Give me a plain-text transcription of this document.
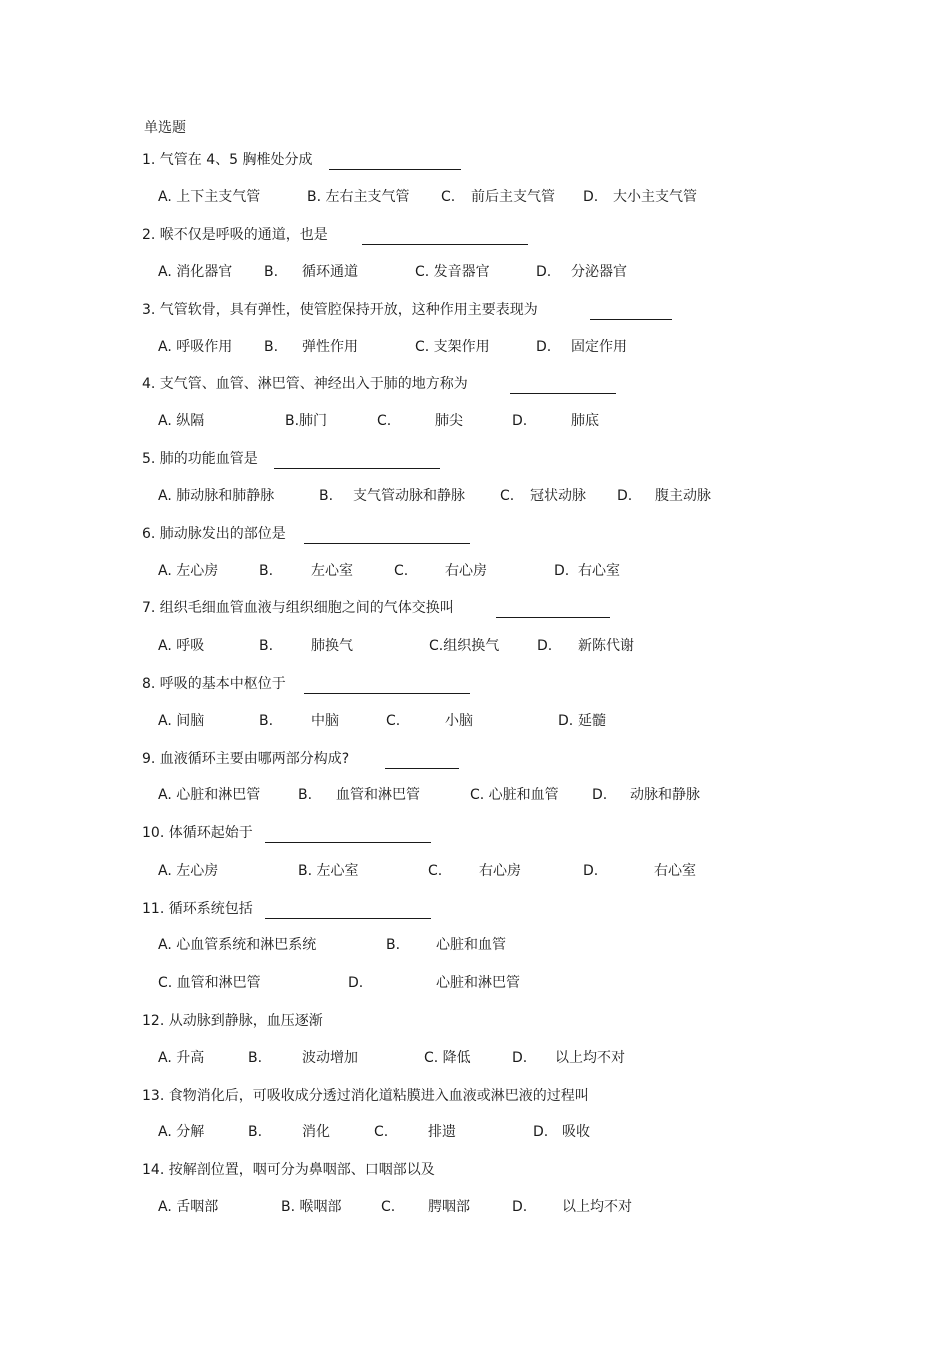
单选题
1. 气管在 4、5 胸椎处分成
A. 上下主支气管	B. 左右主支气管 C. 前后主支气管 D. 大小主支气管
2. 喉不仅是呼吸的通道，也是
A. 消化器官 B. 循环通道	C. 发音器官	D. 分泌器官
3. 气管软骨，具有弹性，使管腔保持开放，这种作用主要表现为
A. 呼吸作用 B. 弹性作用	C. 支架作用	D. 固定作用
4. 支气管、血管、淋巴管、神经出入于肺的地方称为
A. 纵隔	B.肺门	C.	肺尖	D.	肺底
5. 肺的功能血管是
A. 肺动脉和肺静脉	B. 支气管动脉和静脉	C. 冠状动脉 D. 腹主动脉
6. 肺动脉发出的部位是
A. 左心房	B.	左心室	C.	右心房	D. 右心室
7. 组织毛细血管血液与组织细胞之间的气体交换叫
A. 呼吸	B.	肺换气	C.组织换气	D. 新陈代谢
8. 呼吸的基本中枢位于
A. 间脑	B.	中脑	C.	小脑	D. 延髓
9. 血液循环主要由哪两部分构成?
A. 心脏和淋巴管	B. 血管和淋巴管	C. 心脏和血管 D. 动脉和静脉
10. 体循环起始于
A. 左心房	B. 左心室	C.	右心房	D.	右心室
11. 循环系统包括
A. 心血管系统和淋巴系统	B.	心脏和血管
C. 血管和淋巴管	D.	心脏和淋巴管
12. 从动脉到静脉，血压逐渐
A. 升高	B.	波动增加	C. 降低	D. 以上均不对
13. 食物消化后，可吸收成分透过消化道粘膜进入血液或淋巴液的过程叫
A. 分解	B.	消化	C.	排遗	D. 吸收
14. 按解剖位置，咽可分为鼻咽部、口咽部以及
A. 舌咽部	B. 喉咽部	C. 腭咽部	D. 以上均不对
